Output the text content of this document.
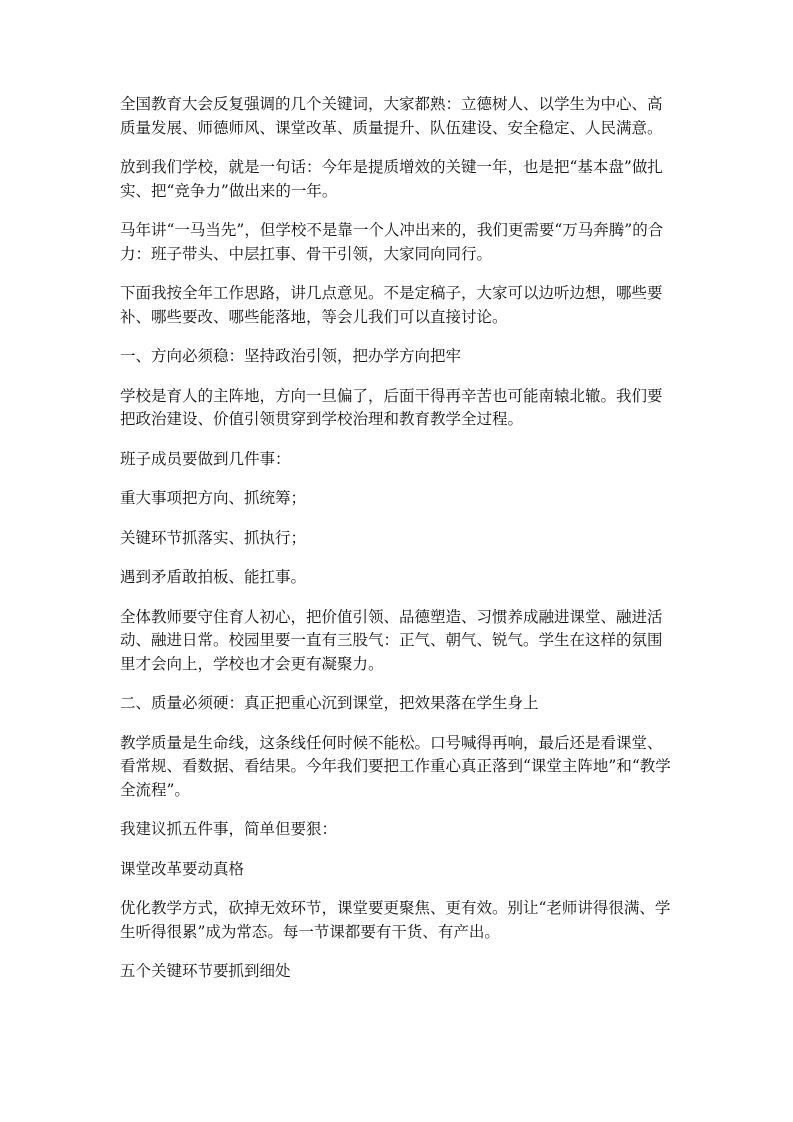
全国教育大会反复强调的几个关键词，大家都熟：立德树人、以学生为中心、高质量发展、师德师风、课堂改革、质量提升、队伍建设、安全稳定、人民满意。

放到我们学校，就是一句话：今年是提质增效的关键一年，也是把“基本盘”做扎实、把“竞争力”做出来的一年。

马年讲“一马当先”，但学校不是靠一个人冲出来的，我们更需要“万马奔腾”的合力：班子带头、中层扛事、骨干引领，大家同向同行。

下面我按全年工作思路，讲几点意见。不是定稿子，大家可以边听边想，哪些要补、哪些要改、哪些能落地，等会儿我们可以直接讨论。

一、方向必须稳：坚持政治引领，把办学方向把牢

学校是育人的主阵地，方向一旦偏了，后面干得再辛苦也可能南辕北辙。我们要把政治建设、价值引领贯穿到学校治理和教育教学全过程。

班子成员要做到几件事：

重大事项把方向、抓统筹；

关键环节抓落实、抓执行；

遇到矛盾敢拍板、能扛事。

全体教师要守住育人初心，把价值引领、品德塑造、习惯养成融进课堂、融进活动、融进日常。校园里要一直有三股气：正气、朝气、锐气。学生在这样的氛围里才会向上，学校也才会更有凝聚力。

二、质量必须硬：真正把重心沉到课堂，把效果落在学生身上

教学质量是生命线，这条线任何时候不能松。口号喊得再响，最后还是看课堂、看常规、看数据、看结果。今年我们要把工作重心真正落到“课堂主阵地”和“教学全流程”。

我建议抓五件事，简单但要狠：

课堂改革要动真格

优化教学方式，砍掉无效环节，课堂要更聚焦、更有效。别让“老师讲得很满、学生听得很累”成为常态。每一节课都要有干货、有产出。

五个关键环节要抓到细处
